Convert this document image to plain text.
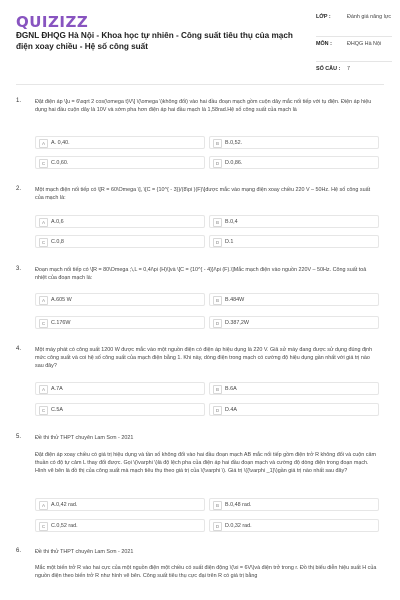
QUIZIZZ
ĐGNL ĐHQG Hà Nội - Khoa học tự nhiên - Công suất tiêu thụ của mạch điện xoay chiều - Hệ số công suất
LỚP :	Đánh giá năng lực
MÔN :	ĐHQG Hà Nội
SỐ CÂU :	7
1.	Đặt điện áp \[u = 6\sqrt 2 cos(\omega t)V\] \(\omega \)không đổi) vào hai đầu đoạn mạch gồm cuộn dây mắc nối tiếp với tụ điện. Điện áp hiệu dụng hai đầu cuộn dây là 10V và sớm pha hơn điện áp hai đầu mạch là 1,58rad.Hệ số công suất của mạch là
A	A. 0,40.	B	B.0,52.
C	C.0,60.	D	D.0,86.
2.	Một mạch điện nối tiếp có \[R = 60\Omega \], \[C = {10^{ - 3}}/(8\pi )(F)\]được mắc vào mạng điện xoay chiều 220 V – 50Hz. Hệ số công suất của mạch là:
A	A.0,6	B	B.0,4
C	C.0,8	D	D.1
3.	Đoạn mạch nối tiếp có \[R = 80\Omega ;\,L = 0,4/\pi (H)\]và \[C = {10^{ - 4}}/\pi (F).\]Mắc mạch điện vào nguồn 220V – 50Hz. Công suất toả nhiệt của đoạn mạch là:
A	A.605 W	B	B.484W
C	C.176W	D	D.387,2W
4.	Một máy phát có công suất 1200 W được mắc vào một nguồn điện có điện áp hiệu dụng là 220 V. Giả sử máy đang được sử dụng đúng định mức công suất và coi hệ số công suất của mạch điện bằng 1. Khi này, dòng điện trong mạch có cường độ hiệu dụng gần nhất với giá trị nào sau đây?
A	A.7A	B	B.6A
C	C.5A	D	D.4A
5.	Đề thi thử THPT chuyên Lam Sơn - 2021
Đặt điện áp xoay chiều có giá trị hiệu dụng và tần số không đổi vào hai đầu đoạn mạch AB mắc nối tiếp gồm điện trở R không đổi và cuộn cảm thuần có độ tự cảm L thay đổi được. Gọi \(\varphi \)là độ lệch pha của điện áp hai đầu đoạn mạch và cường độ dòng điện trong đoạn mạch. Hình vẽ bên là đồ thị của công suất mà mạch tiêu thụ theo giá trị của \(\varphi \). Giá trị \({\varphi _1}\)gần giá trị nào nhất sau đây?
A	A.0,42 rad.	B	B.0,48 rad.
C	C.0,52 rad.	D	D.0,32 rad.
6.	Đề thi thử THPT chuyên Lam Sơn - 2021
Mắc một biến trở R vào hai cực của một nguồn điện một chiều có suất điện động \(\xi = 6V\)và điện trở trong r. Đồ thị biểu diễn hiệu suất H của nguồn điện theo biến trở R như hình vẽ bên. Công suất tiêu thụ cực đại trên R có giá trị bằng
